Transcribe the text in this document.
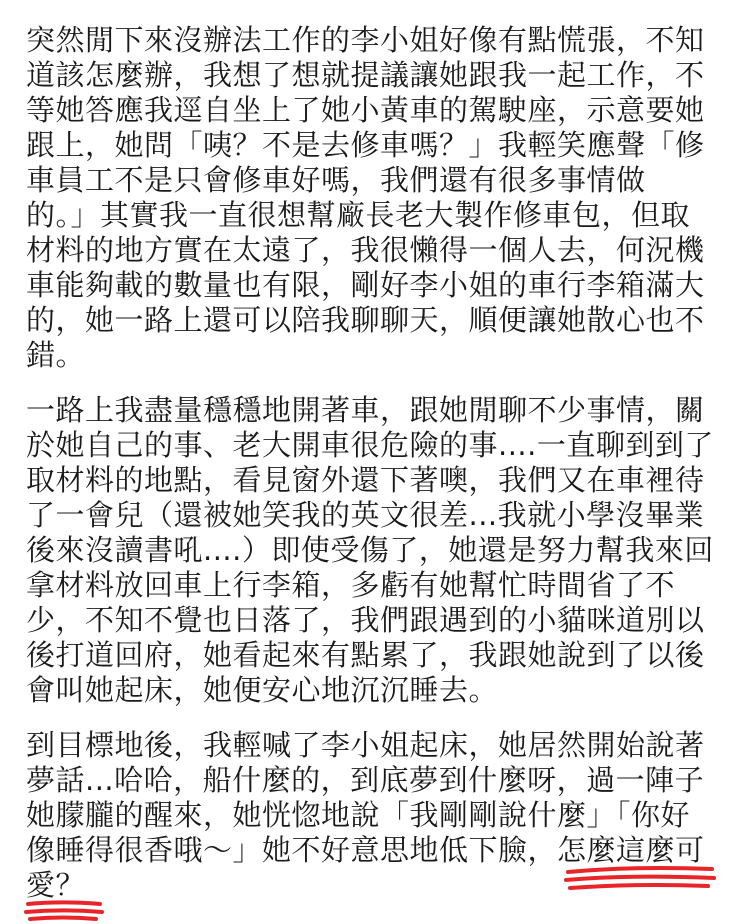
突然閒下來沒辦法工作的李小姐好像有點慌張，不知
道該怎麼辦，我想了想就提議讓她跟我一起工作，不
等她答應我逕自坐上了她小黃車的駕駛座，示意要她
跟上，她問「咦？不是去修車嗎？」我輕笑應聲「修
車員工不是只會修車好嗎，我們還有很多事情做
的。」其實我一直很想幫廠長老大製作修車包，但取
材料的地方實在太遠了，我很懶得一個人去，何況機
車能夠載的數量也有限，剛好李小姐的車行李箱滿大
的，她一路上還可以陪我聊聊天，順便讓她散心也不
錯。
一路上我盡量穩穩地開著車，跟她閒聊不少事情，關
於她自己的事、老大開車很危險的事....一直聊到到了
取材料的地點，看見窗外還下著噢，我們又在車裡待
了一會兒（還被她笑我的英文很差...我就小學沒畢業
後來沒讀書吼....）即使受傷了，她還是努力幫我來回
拿材料放回車上行李箱，多虧有她幫忙時間省了不
少，不知不覺也日落了，我們跟遇到的小貓咪道別以
後打道回府，她看起來有點累了，我跟她說到了以後
會叫她起床，她便安心地沉沉睡去。
到目標地後，我輕喊了李小姐起床，她居然開始說著
夢話...哈哈，船什麼的，到底夢到什麼呀，過一陣子
她朦朧的醒來，她恍惚地說「我剛剛說什麼」「你好
像睡得很香哦～」她不好意思地低下臉，怎麼這麼可
愛？
